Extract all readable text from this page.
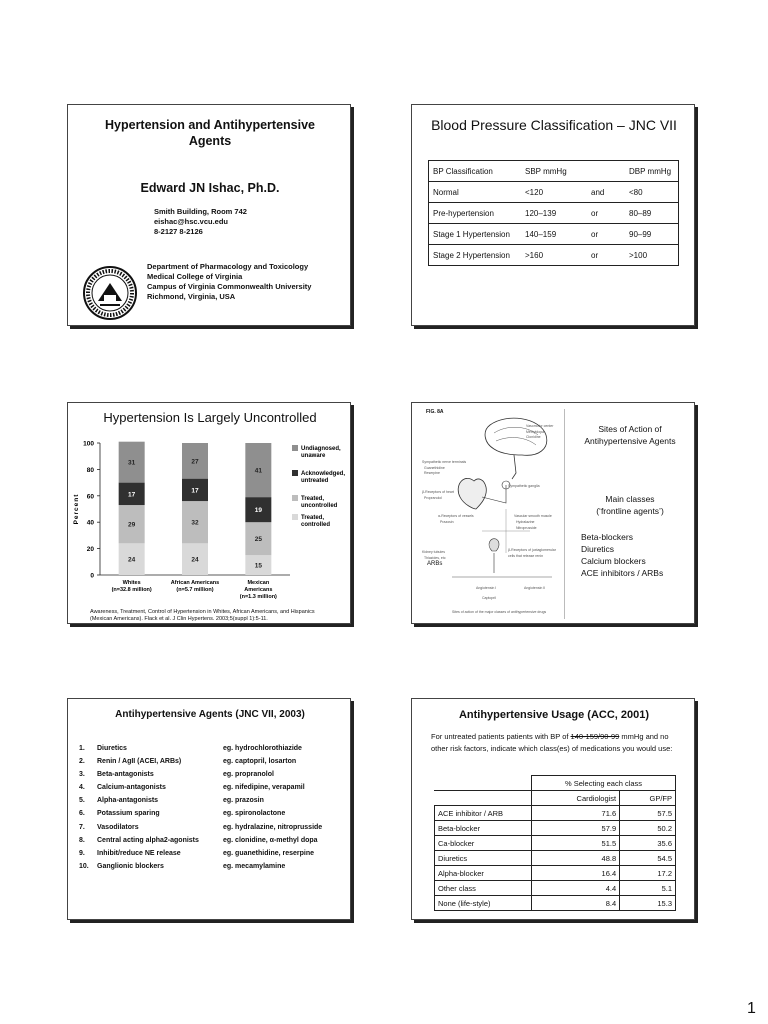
Hypertension and Antihypertensive
Agents
Edward JN Ishac, Ph.D.
Smith Building, Room 742
eishac@hsc.vcu.edu
8-2127 8-2126
Department of Pharmacology and Toxicology
Medical College of Virginia
Campus of Virginia Commonwealth University
Richmond, Virginia, USA
Blood Pressure Classification – JNC VII
BP Classification	SBP mmHg		DBP mmHg
Normal	<120	and	<80
Pre-hypertension	120–139	or	80–89
Stage 1 Hypertension	140–159	or	90–99
Stage 2 Hypertension	>160	or	>100
Hypertension Is Largely Uncontrolled
0
20
40
60
80
100
Percent
24
29
17
31
Whites
(n=32.8 million)
24
32
17
27
African Americans
(n=5.7 million)
15
25
19
41
Mexican
Americans
(n=1.3 million)
Undiagnosed,
unaware
Acknowledged,
untreated
Treated,
uncontrolled
Treated,
controlled
Awareness, Treatment, Control of Hypertension in Whites, African Americans, and Hispanics
(Mexican Americans). Flack et al. J Clin Hypertens. 2003;5(suppl 1):5-11.
FIG. 8A
Vasomotor center
Methyldopa
Clonidine
Sympathetic nerve terminals
Guanethidine
Reserpine
β-Receptors of heart
Propranolol
Sympathetic ganglia
α-Receptors of vessels
Prazosin
Vascular smooth muscle
Hydralazine
Nitroprusside
Kidney tubules
Thiazides, etc
β-Receptors of juxtaglomerular
cells that release renin
Angiotensin I	Angiotensin II
Captopril
Sites of action of the major classes of antihypertensive drugs
ARBs
Sites of Action of
Antihypertensive Agents
Main classes
(‘frontline agents’)
Beta-blockers
Diuretics
Calcium blockers
ACE inhibitors / ARBs
Antihypertensive Agents (JNC VII, 2003)
1.	Diuretics	eg. hydrochlorothiazide
2.	Renin / AgII (ACEI, ARBs)	eg. captopril, losarton
3.	Beta-antagonists	eg. propranolol
4.	Calcium-antagonists	eg. nifedipine, verapamil
5.	Alpha-antagonists	eg. prazosin
6.	Potassium sparing	eg. spironolactone
7.	Vasodilators	eg. hydralazine, nitroprusside
8.	Central acting alpha2-agonists	eg. clonidine, α-methyl dopa
9.	Inhibit/reduce NE release	eg. guanethidine, reserpine
10.	Ganglionic blockers	eg. mecamylamine
Antihypertensive Usage (ACC, 2001)
For untreated patients patients with BP of 140-159/90-99 mmHg and no other risk factors, indicate which class(es) of medications you would use:
	% Selecting each class	
	Cardiologist	GP/FP
ACE inhibitor / ARB	71.6	57.5
Beta-blocker	57.9	50.2
Ca-blocker	51.5	35.6
Diuretics	48.8	54.5
Alpha-blocker	16.4	17.2
Other class	4.4	5.1
None (life-style)	8.4	15.3
1
